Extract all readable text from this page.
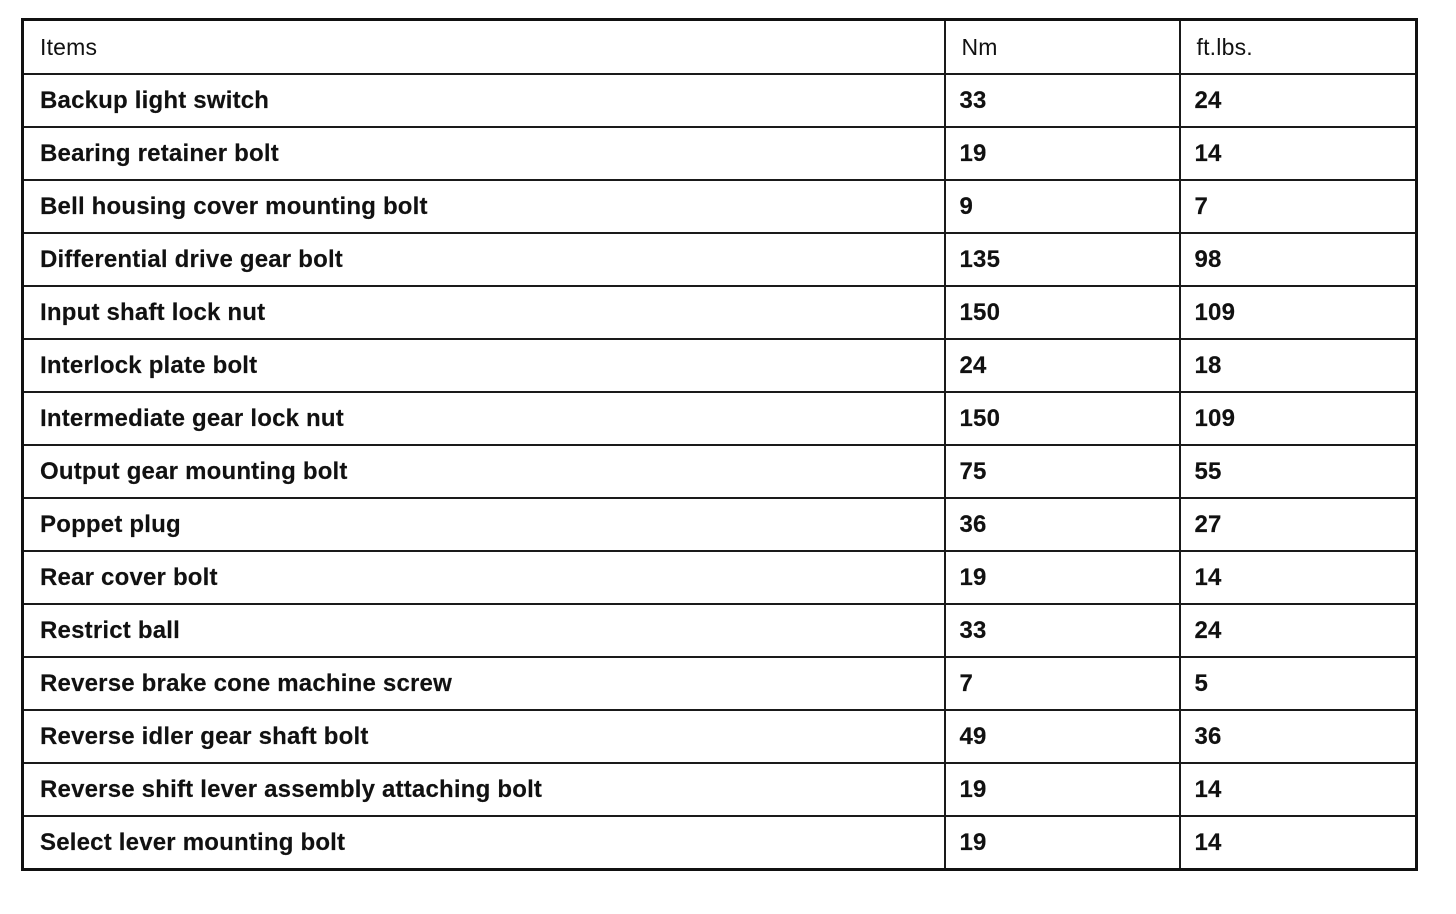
Items	Nm	ft.lbs.
Backup light switch	33	24
Bearing retainer bolt	19	14
Bell housing cover mounting bolt	9	7
Differential drive gear bolt	135	98
Input shaft lock nut	150	109
Interlock plate bolt	24	18
Intermediate gear lock nut	150	109
Output gear mounting bolt	75	55
Poppet plug	36	27
Rear cover bolt	19	14
Restrict ball	33	24
Reverse brake cone machine screw	7	5
Reverse idler gear shaft bolt	49	36
Reverse shift lever assembly attaching bolt	19	14
Select lever mounting bolt	19	14
